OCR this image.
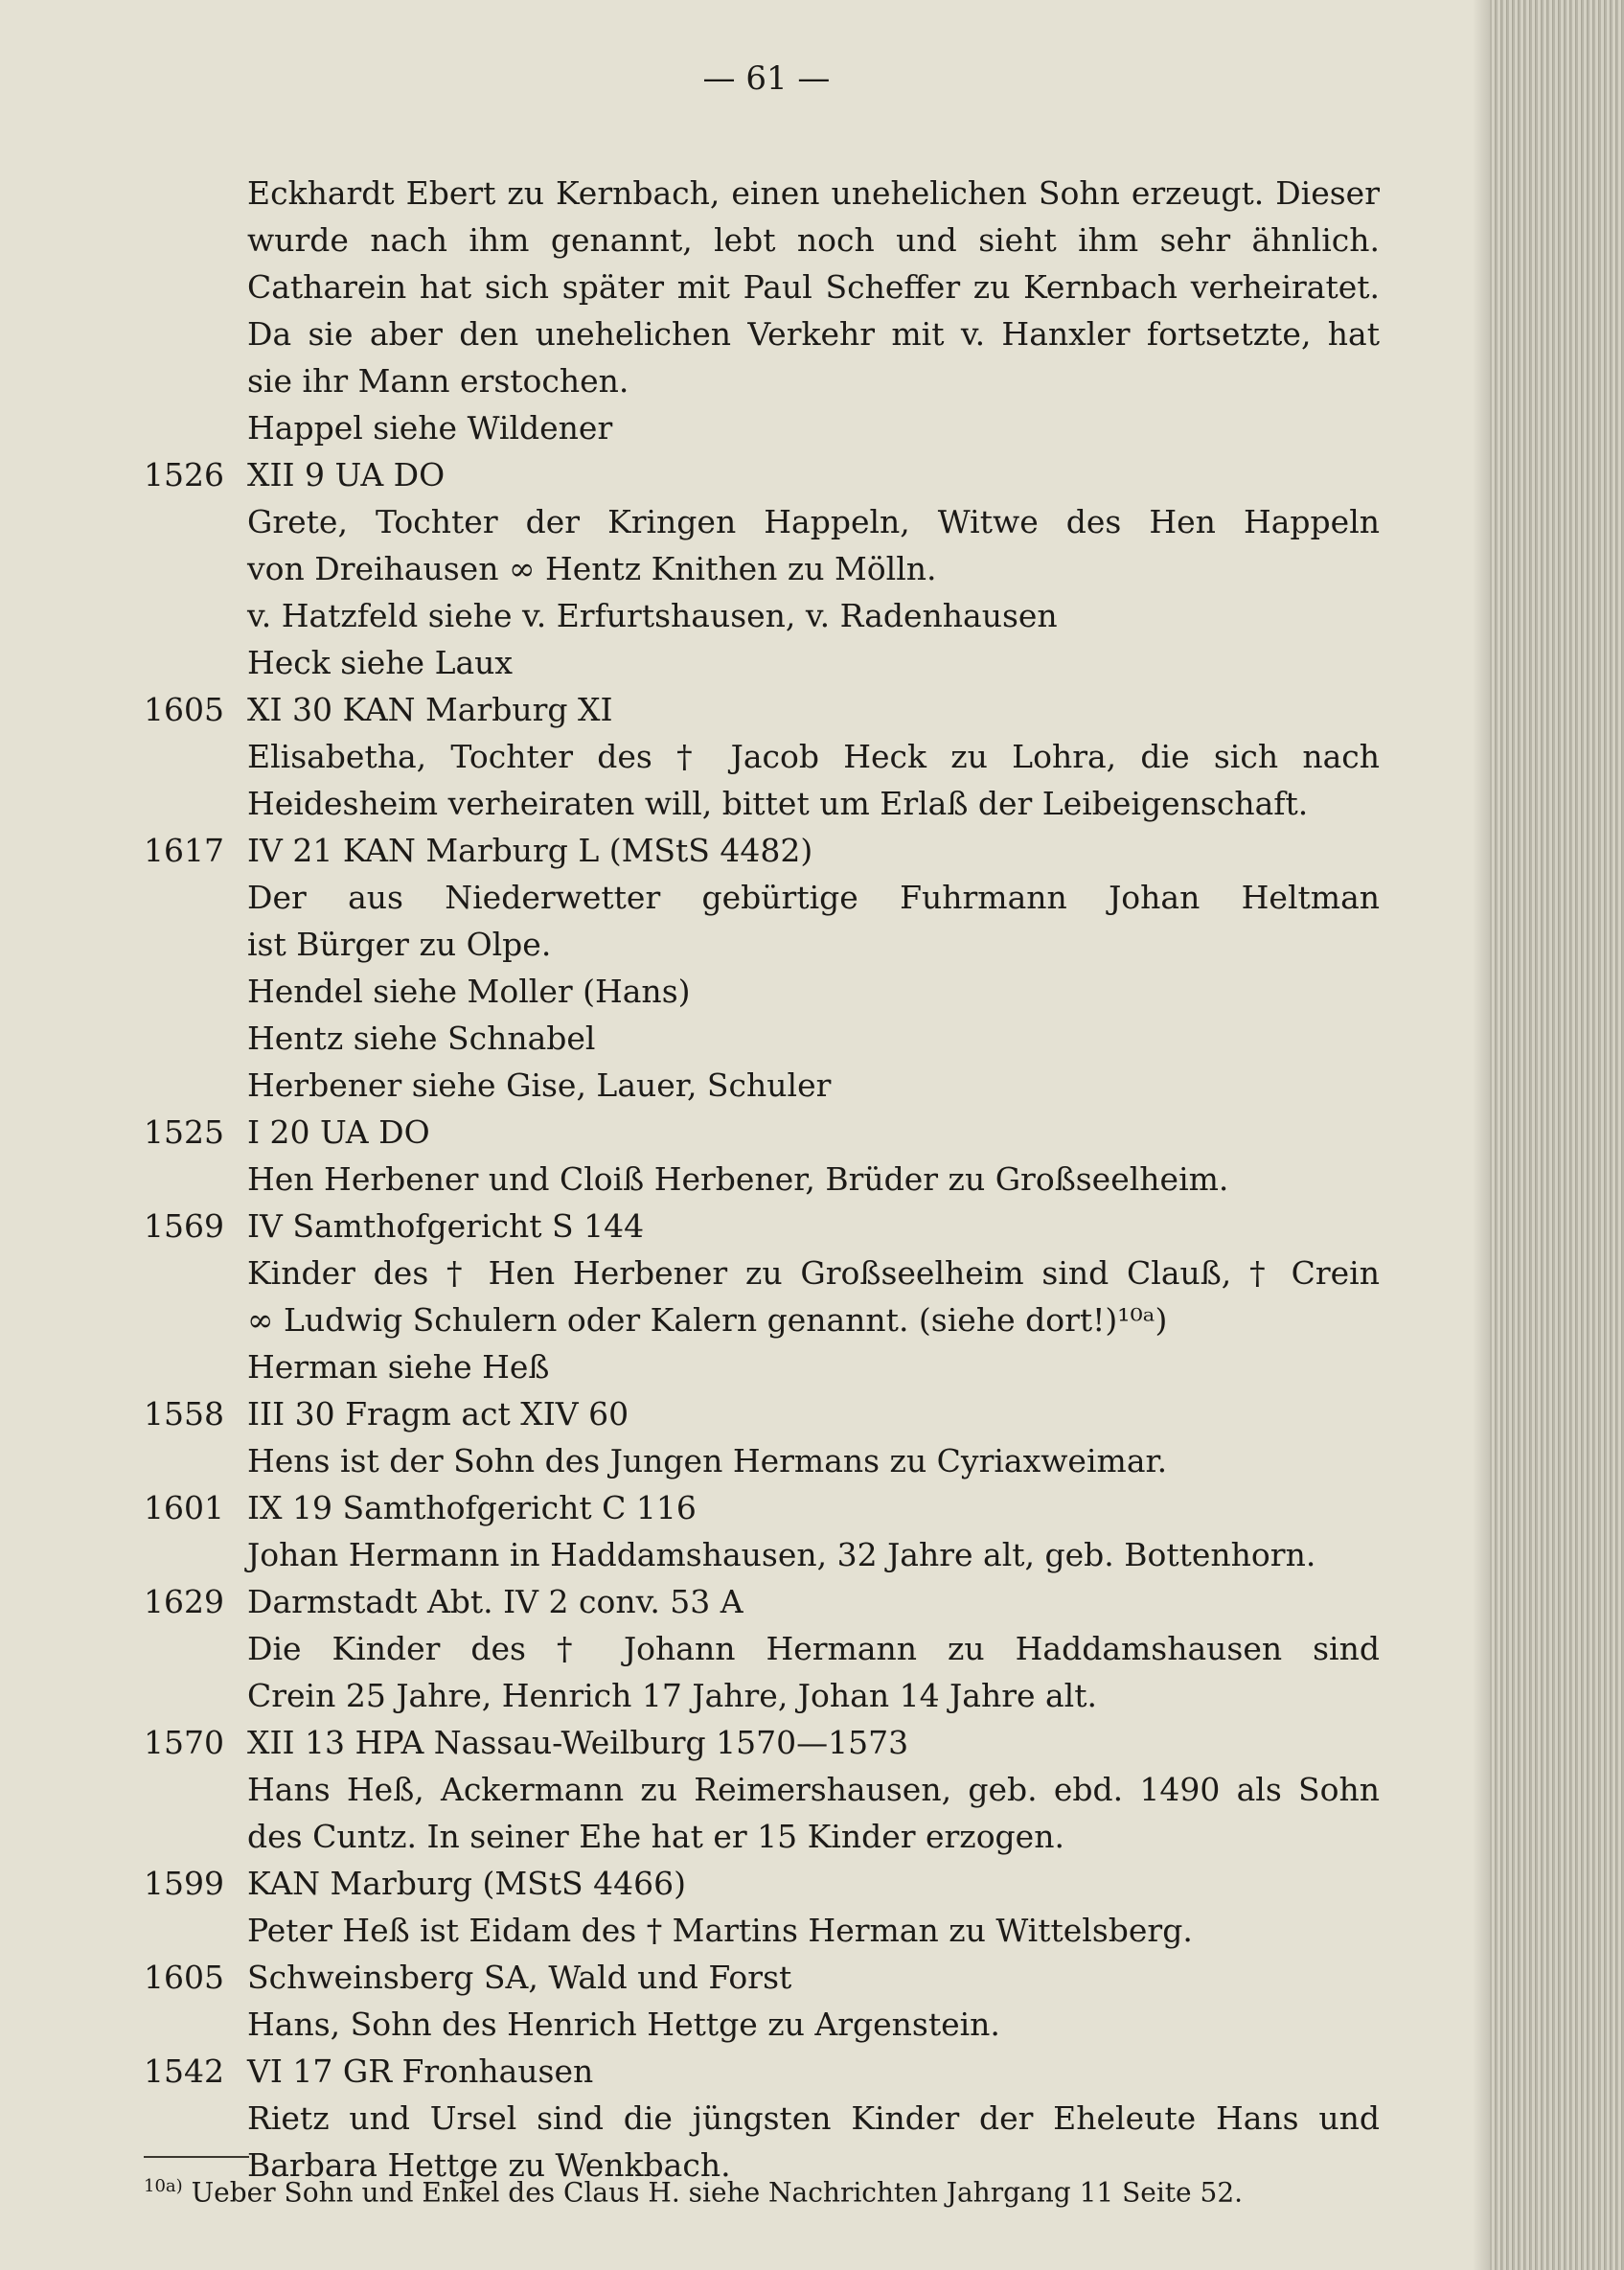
— 61 —
Eckhardt Ebert zu Kernbach, einen unehelichen Sohn erzeugt. Dieser
wurde nach ihm genannt, lebt noch und sieht ihm sehr ähnlich.
Catharein hat sich später mit Paul Scheffer zu Kernbach verheiratet.
Da sie aber den unehelichen Verkehr mit v. Hanxler fortsetzte, hat
sie ihr Mann erstochen.
Happel siehe Wildener
1526 XII 9 UA DO
Grete, Tochter der Kringen Happeln, Witwe des Hen Happeln
von Dreihausen ∞ Hentz Knithen zu Mölln.
v. Hatzfeld siehe v. Erfurtshausen, v. Radenhausen
Heck siehe Laux
1605 XI 30 KAN Marburg XI
Elisabetha, Tochter des † Jacob Heck zu Lohra, die sich nach
Heidesheim verheiraten will, bittet um Erlaß der Leibeigenschaft.
1617 IV 21 KAN Marburg L (MStS 4482)
Der aus Niederwetter gebürtige Fuhrmann Johan Heltman
ist Bürger zu Olpe.
Hendel siehe Moller (Hans)
Hentz siehe Schnabel
Herbener siehe Gise, Lauer, Schuler
1525 I 20 UA DO
Hen Herbener und Cloiß Herbener, Brüder zu Großseelheim.
1569 IV Samthofgericht S 144
Kinder des † Hen Herbener zu Großseelheim sind Clauß, † Crein
∞ Ludwig Schulern oder Kalern genannt. (siehe dort!)¹⁰ᵃ)
Herman siehe Heß
1558 III 30 Fragm act XIV 60
Hens ist der Sohn des Jungen Hermans zu Cyriaxweimar.
1601 IX 19 Samthofgericht C 116
Johan Hermann in Haddamshausen, 32 Jahre alt, geb. Bottenhorn.
1629 Darmstadt Abt. IV 2 conv. 53 A
Die Kinder des † Johann Hermann zu Haddamshausen sind
Crein 25 Jahre, Henrich 17 Jahre, Johan 14 Jahre alt.
1570 XII 13 HPA Nassau-Weilburg 1570—1573
Hans Heß, Ackermann zu Reimershausen, geb. ebd. 1490 als Sohn
des Cuntz. In seiner Ehe hat er 15 Kinder erzogen.
1599 KAN Marburg (MStS 4466)
Peter Heß ist Eidam des † Martins Herman zu Wittelsberg.
1605 Schweinsberg SA, Wald und Forst
Hans, Sohn des Henrich Hettge zu Argenstein.
1542 VI 17 GR Fronhausen
Rietz und Ursel sind die jüngsten Kinder der Eheleute Hans und
Barbara Hettge zu Wenkbach.
$^{10a)}$ Ueber Sohn und Enkel des Claus H. siehe Nachrichten Jahrgang 11 Seite 52.
